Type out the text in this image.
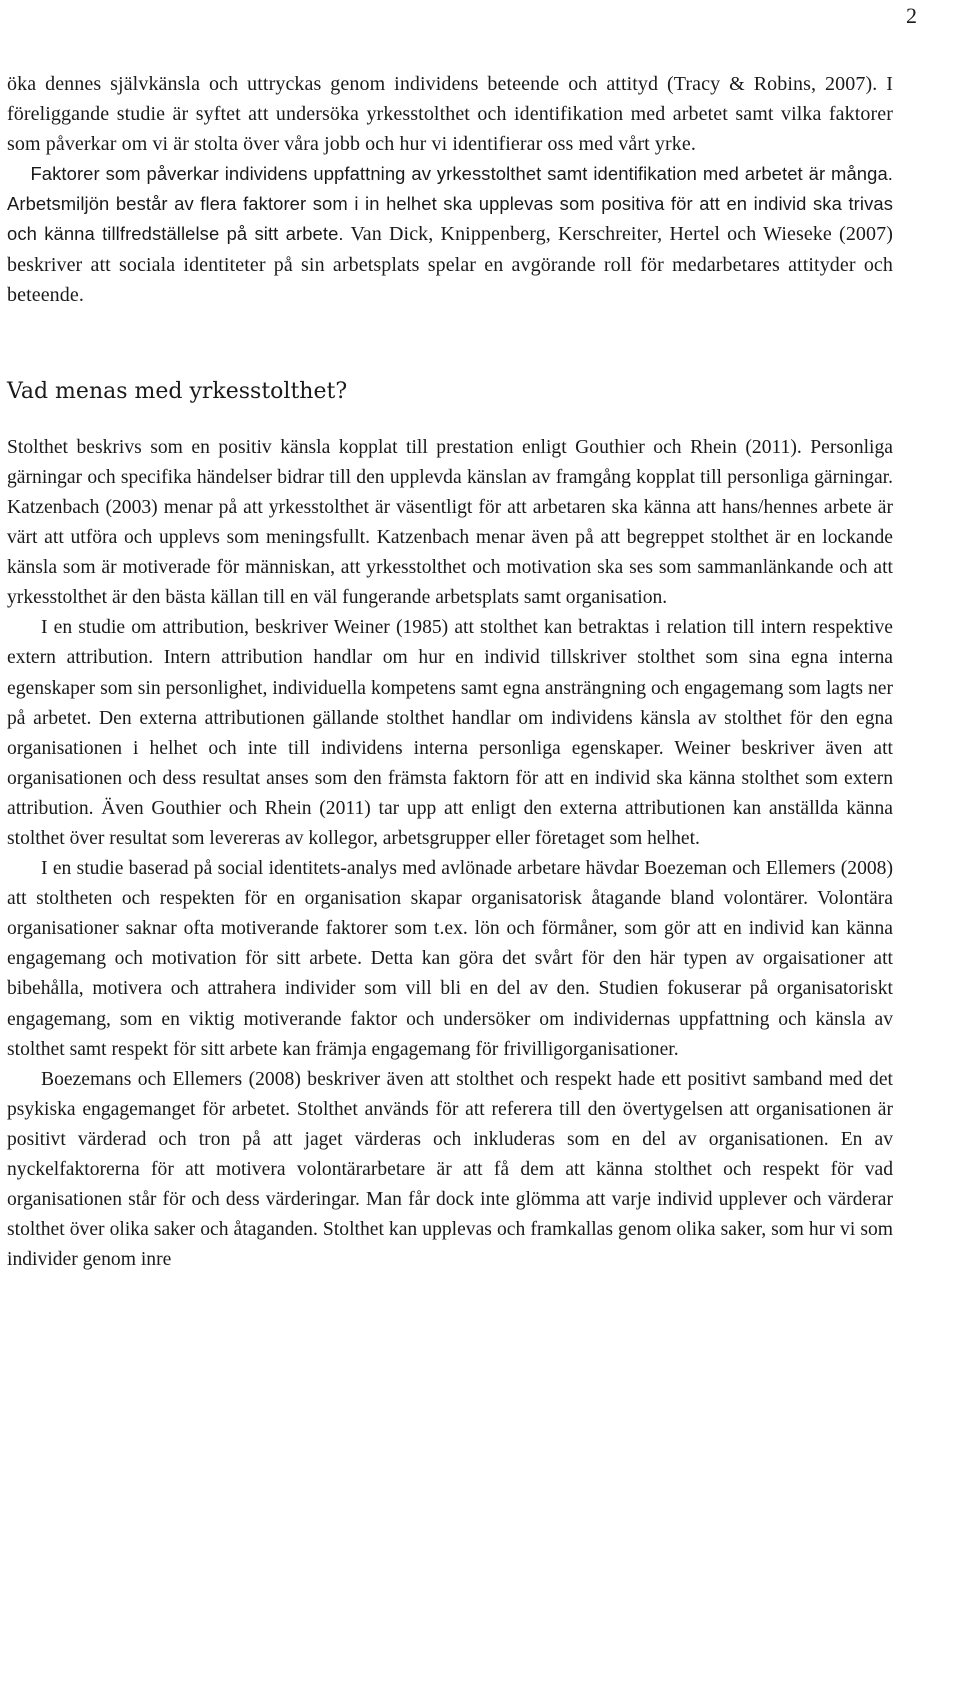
2

öka dennes självkänsla och uttryckas genom individens beteende och attityd (Tracy & Robins, 2007). I föreliggande studie är syftet att undersöka yrkesstolthet och identifikation med arbetet samt vilka faktorer som påverkar om vi är stolta över våra jobb och hur vi identifierar oss med vårt yrke.
Faktorer som påverkar individens uppfattning av yrkesstolthet samt identifikation med arbetet är många. Arbetsmiljön består av flera faktorer som i in helhet ska upplevas som positiva för att en individ ska trivas och känna tillfredställelse på sitt arbete. Van Dick, Knippenberg, Kerschreiter, Hertel och Wieseke (2007) beskriver att sociala identiteter på sin arbetsplats spelar en avgörande roll för medarbetares attityder och beteende.

Vad menas med yrkesstolthet?

Stolthet beskrivs som en positiv känsla kopplat till prestation enligt Gouthier och Rhein (2011). Personliga gärningar och specifika händelser bidrar till den upplevda känslan av framgång kopplat till personliga gärningar. Katzenbach (2003) menar på att yrkesstolthet är väsentligt för att arbetaren ska känna att hans/hennes arbete är värt att utföra och upplevs som meningsfullt. Katzenbach menar även på att begreppet stolthet är en lockande känsla som är motiverade för människan, att yrkesstolthet och motivation ska ses som sammanlänkande och att yrkesstolthet är den bästa källan till en väl fungerande arbetsplats samt organisation.

I en studie om attribution, beskriver Weiner (1985) att stolthet kan betraktas i relation till intern respektive extern attribution. Intern attribution handlar om hur en individ tillskriver stolthet som sina egna interna egenskaper som sin personlighet, individuella kompetens samt egna ansträngning och engagemang som lagts ner på arbetet. Den externa attributionen gällande stolthet handlar om individens känsla av stolthet för den egna organisationen i helhet och inte till individens interna personliga egenskaper. Weiner beskriver även att organisationen och dess resultat anses som den främsta faktorn för att en individ ska känna stolthet som extern attribution. Även Gouthier och Rhein (2011) tar upp att enligt den externa attributionen kan anställda känna stolthet över resultat som levereras av kollegor, arbetsgrupper eller företaget som helhet.

I en studie baserad på social identitets-analys med avlönade arbetare hävdar Boezeman och Ellemers (2008) att stoltheten och respekten för en organisation skapar organisatorisk åtagande bland volontärer. Volontära organisationer saknar ofta motiverande faktorer som t.ex. lön och förmåner, som gör att en individ kan känna engagemang och motivation för sitt arbete. Detta kan göra det svårt för den här typen av orgaisationer att bibehålla, motivera och attrahera individer som vill bli en del av den. Studien fokuserar på organisatoriskt engagemang, som en viktig motiverande faktor och undersöker om individernas uppfattning och känsla av stolthet samt respekt för sitt arbete kan främja engagemang för frivilligorganisationer.

Boezemans och Ellemers (2008) beskriver även att stolthet och respekt hade ett positivt samband med det psykiska engagemanget för arbetet. Stolthet används för att referera till den övertygelsen att organisationen är positivt värderad och tron på att jaget värderas och inkluderas som en del av organisationen. En av nyckelfaktorerna för att motivera volontärarbetare är att få dem att känna stolthet och respekt för vad organisationen står för och dess värderingar. Man får dock inte glömma att varje individ upplever och värderar stolthet över olika saker och åtaganden. Stolthet kan upplevas och framkallas genom olika saker, som hur vi som individer genom inre
